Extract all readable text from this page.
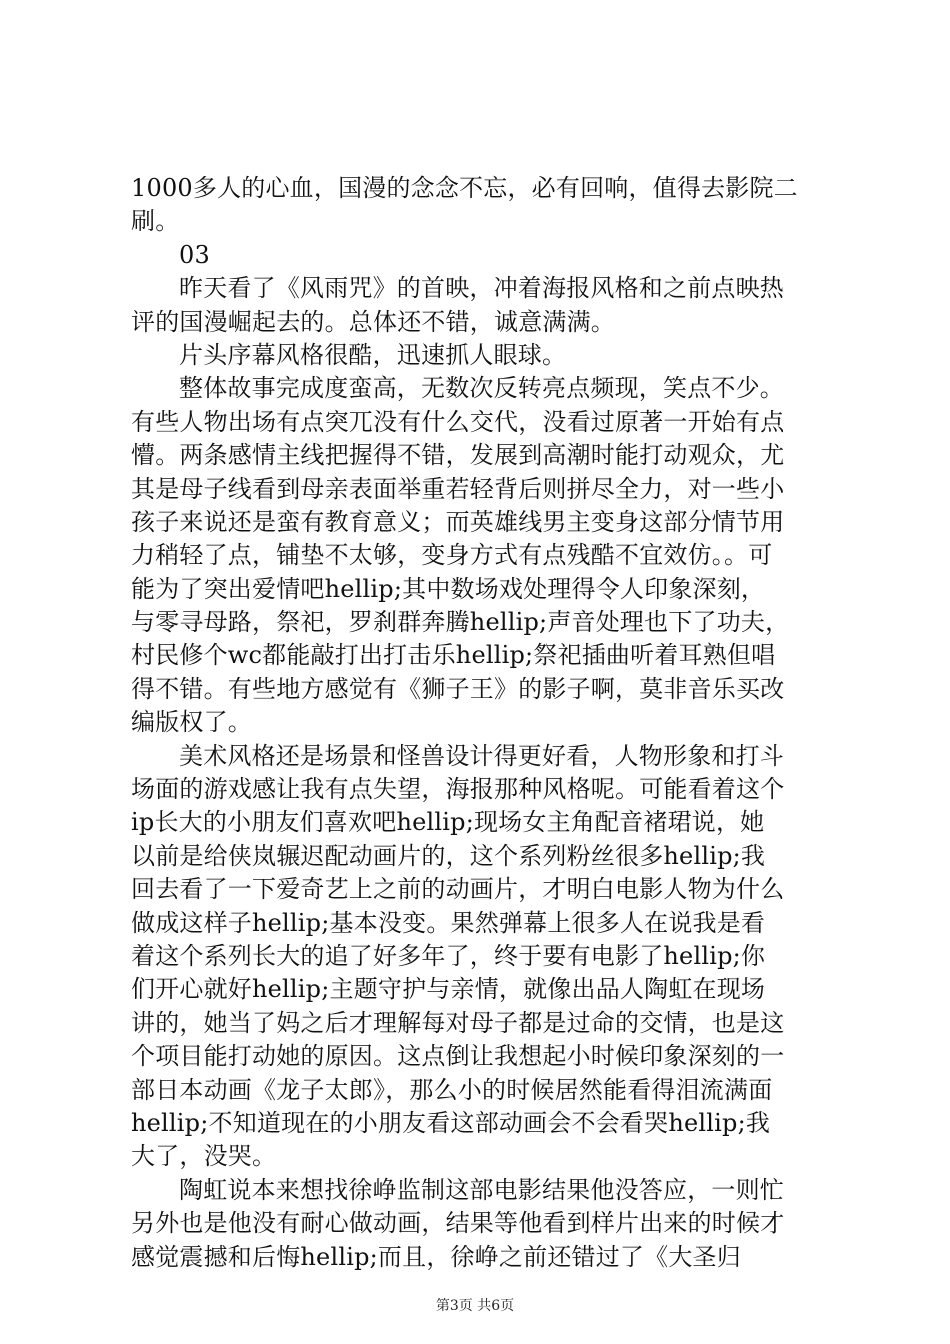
1000多人的心血，国漫的念念不忘，必有回响，值得去影院二
刷。
03
昨天看了《风雨咒》的首映，冲着海报风格和之前点映热
评的国漫崛起去的。总体还不错，诚意满满。
片头序幕风格很酷，迅速抓人眼球。
整体故事完成度蛮高，无数次反转亮点频现，笑点不少。
有些人物出场有点突兀没有什么交代，没看过原著一开始有点
懵。两条感情主线把握得不错，发展到高潮时能打动观众，尤
其是母子线看到母亲表面举重若轻背后则拼尽全力，对一些小
孩子来说还是蛮有教育意义；而英雄线男主变身这部分情节用
力稍轻了点，铺垫不太够，变身方式有点残酷不宜效仿。。可
能为了突出爱情吧hellip;其中数场戏处理得令人印象深刻，
与零寻母路，祭祀，罗刹群奔腾hellip;声音处理也下了功夫，
村民修个wc都能敲打出打击乐hellip;祭祀插曲听着耳熟但唱
得不错。有些地方感觉有《狮子王》的影子啊，莫非音乐买改
编版权了。
美术风格还是场景和怪兽设计得更好看，人物形象和打斗
场面的游戏感让我有点失望，海报那种风格呢。可能看着这个
ip长大的小朋友们喜欢吧hellip;现场女主角配音褚珺说，她
以前是给侠岚辗迟配动画片的，这个系列粉丝很多hellip;我
回去看了一下爱奇艺上之前的动画片，才明白电影人物为什么
做成这样子hellip;基本没变。果然弹幕上很多人在说我是看
着这个系列长大的追了好多年了，终于要有电影了hellip;你
们开心就好hellip;主题守护与亲情，就像出品人陶虹在现场
讲的，她当了妈之后才理解每对母子都是过命的交情，也是这
个项目能打动她的原因。这点倒让我想起小时候印象深刻的一
部日本动画《龙子太郎》，那么小的时候居然能看得泪流满面
hellip;不知道现在的小朋友看这部动画会不会看哭hellip;我
大了，没哭。
陶虹说本来想找徐峥监制这部电影结果他没答应，一则忙
另外也是他没有耐心做动画，结果等他看到样片出来的时候才
感觉震撼和后悔hellip;而且，徐峥之前还错过了《大圣归
第3页 共6页
